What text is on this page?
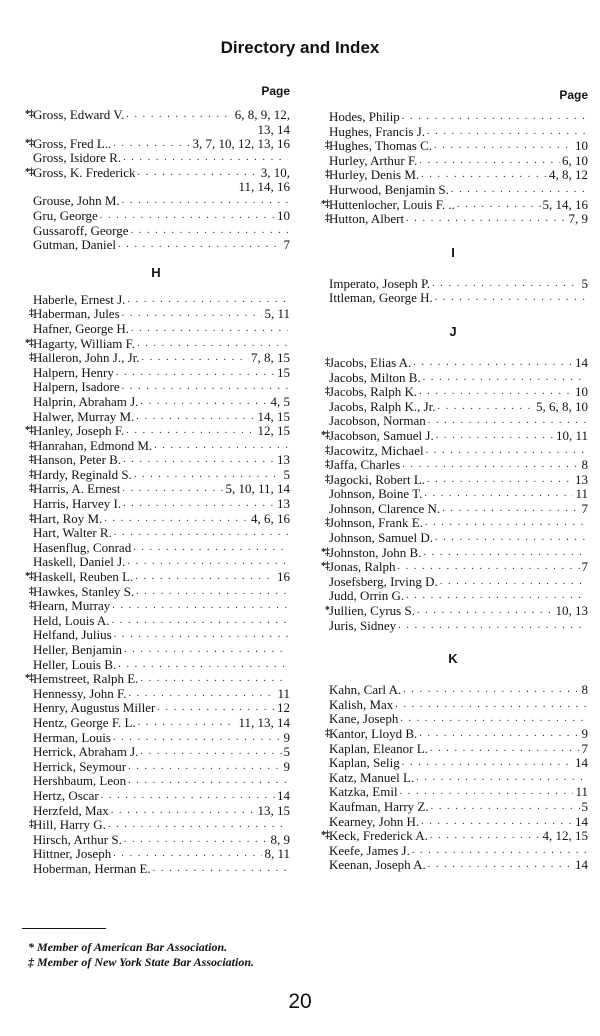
Directory and Index
Page
*‡ Gross, Edward V. . . .	6, 8, 9, 12,
13, 14
*‡ Gross, Fred L.. . . .	3, 7, 10, 12, 13, 16
Gross, Isidore R.
. . .
*‡ Gross, K. Frederick . . .	3, 10,
11, 14, 16
Grouse, John M.
. . .
Gru, George . . .	10
Gussaroff, George
. . .
Gutman, Daniel . . .	7
H
Haberle, Ernest J.
. . .
‡ Haberman, Jules . . .	5, 11
Hafner, George H.
. . .
*‡ Hagarty, William F.
. . .
‡ Halleron, John J., Jr. . . .	7, 8, 15
Halpern, Henry . . .	15
Halpern, Isadore
. . .
Halprin, Abraham J. . . .	4, 5
Halwer, Murray M. . . .	14, 15
*‡ Hanley, Joseph F. . . .	12, 15
‡ Hanrahan, Edmond M.
. . .
‡ Hanson, Peter B. . . .	13
‡ Hardy, Reginald S. . . .	5
‡ Harris, A. Ernest . . .	5, 10, 11, 14
Harris, Harvey I. . . .	13
‡ Hart, Roy M. . . .	4, 6, 16
Hart, Walter R.
. . .
Hasenflug, Conrad
. . .
Haskell, Daniel J.
. . .
*‡ Haskell, Reuben L. . . .	16
‡ Hawkes, Stanley S.
. . .
‡ Hearn, Murray
. . .
Held, Louis A.
. . .
Helfand, Julius
. . .
Heller, Benjamin
. . .
Heller, Louis B.
. . .
*‡ Hemstreet, Ralph E.
. . .
Hennessy, John F. . . .	11
Henry, Augustus Miller . . .	12
Hentz, George F. L. . . .	11, 13, 14
Herman, Louis . . .	9
Herrick, Abraham J. . . .	5
Herrick, Seymour . . .	9
Hershbaum, Leon
. . .
Hertz, Oscar . . .	14
Herzfeld, Max . . .	13, 15
‡ Hill, Harry G.
. . .
Hirsch, Arthur S. . . .	8, 9
Hittner, Joseph . . .	8, 11
Hoberman, Herman E.
. . .
Page
Hodes, Philip
. . .
Hughes, Francis J.
. . .
‡ Hughes, Thomas C. . . .	10
Hurley, Arthur F. . . .	6, 10
‡ Hurley, Denis M. . . .	4, 8, 12
Hurwood, Benjamin S.
. . .
*‡ Huttenlocher, Louis F. .. . . .	5, 14, 16
‡ Hutton, Albert . . .	7, 9
I
Imperato, Joseph P. . . .	5
Ittleman, George H.
. . .
J
‡ Jacobs, Elias A. . . .	14
Jacobs, Milton B.
. . .
‡ Jacobs, Ralph K. . . .	10
Jacobs, Ralph K., Jr. . . .	5, 6, 8, 10
Jacobson, Norman
. . .
*‡ Jacobson, Samuel J. . . .	10, 11
‡ Jacowitz, Michael
. . .
‡ Jaffa, Charles . . .	8
‡ Jagocki, Robert L. . . .	13
Johnson, Boine T. . . .	11
Johnson, Clarence N. . . .	7
‡ Johnson, Frank E.
. . .
Johnson, Samuel D.
. . .
*‡ Johnston, John B.
. . .
*‡ Jonas, Ralph . . .	7
Josefsberg, Irving D.
. . .
Judd, Orrin G.
. . .
* Jullien, Cyrus S. . . .	10, 13
Juris, Sidney
. . .
K
Kahn, Carl A. . . .	8
Kalish, Max
. . .
Kane, Joseph
. . .
‡ Kantor, Lloyd B. . . .	9
Kaplan, Eleanor L. . . .	7
Kaplan, Selig . . .	14
Katz, Manuel L.
. . .
Katzka, Emil . . .	11
Kaufman, Harry Z. . . .	5
Kearney, John H. . . .	14
*‡ Keck, Frederick A. . . .	4, 12, 15
Keefe, James J.
. . .
Keenan, Joseph A. . . .	14
* Member of American Bar Association.
‡ Member of New York State Bar Association.
20
